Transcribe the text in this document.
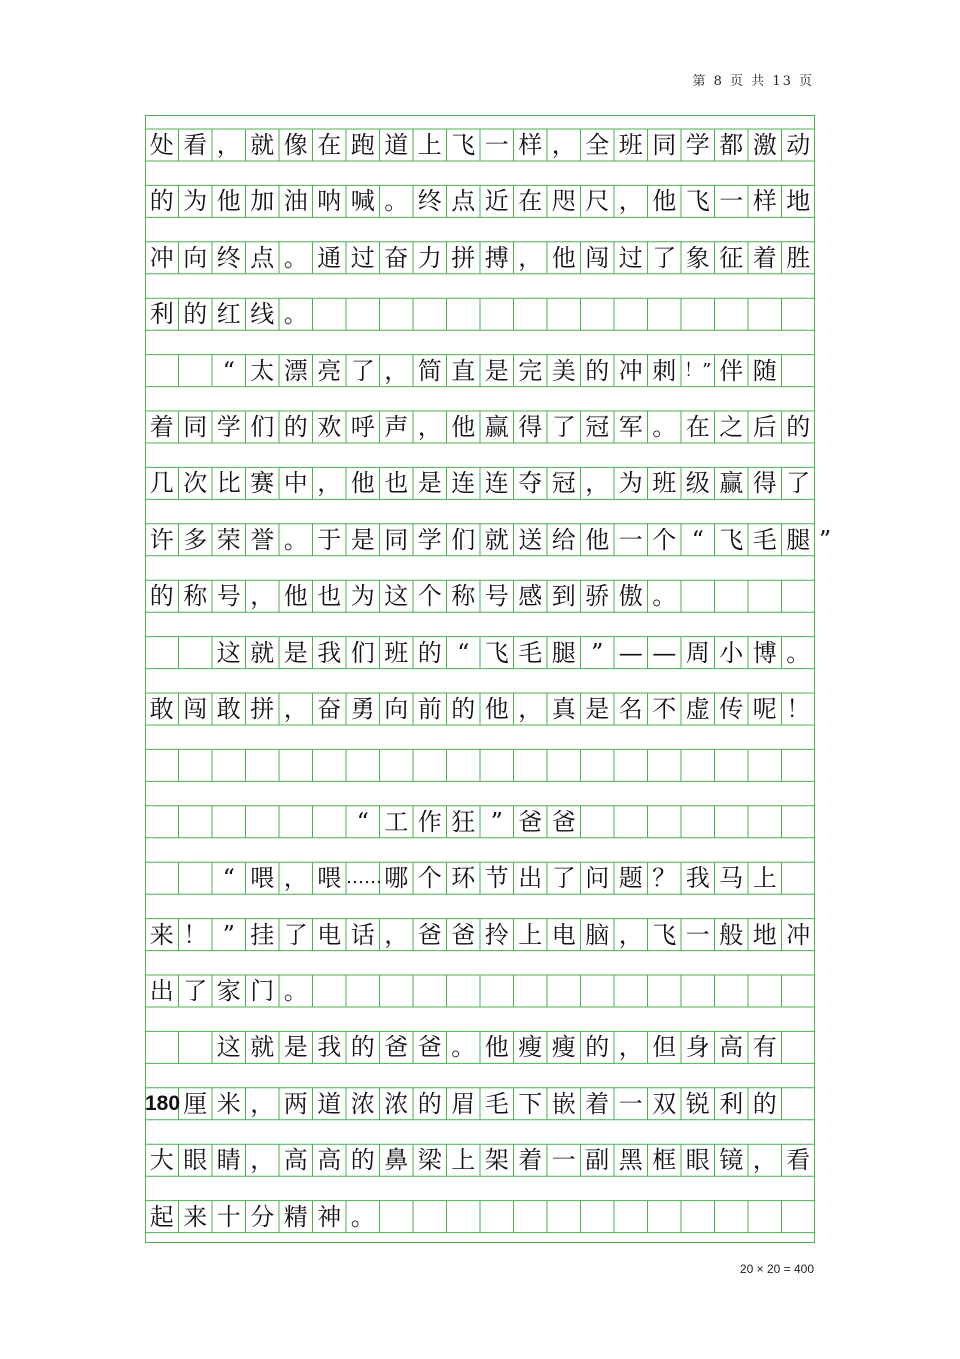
第 8 页 共 13 页
处 看 ， 就 像 在 跑 道 上 飞 一 样 ， 全 班 同 学 都 激 动
的 为 他 加 油 呐 喊 。 终 点 近 在 咫 尺 ， 他 飞 一 样 地
冲 向 终 点 。 通 过 奋 力 拼 搏 ， 他 闯 过 了 象 征 着 胜
利 的 红 线 。
“ 太 漂 亮 了 ， 简 直 是 完 美 的 冲 刺 ！” 伴 随
着 同 学 们 的 欢 呼 声 ， 他 赢 得 了 冠 军 。 在 之 后 的
几 次 比 赛 中 ， 他 也 是 连 连 夺 冠 ， 为 班 级 赢 得 了
许 多 荣 誉 。 于 是 同 学 们 就 送 给 他 一 个 “ 飞 毛 腿 ”
的 称 号 ， 他 也 为 这 个 称 号 感 到 骄 傲 。
这 就 是 我 们 班 的 “ 飞 毛 腿 ” — — 周 小 博 。
敢 闯 敢 拼 ， 奋 勇 向 前 的 他 ， 真 是 名 不 虚 传 呢 ！
“ 工 作 狂 ” 爸 爸
“ 喂 ， 喂 …… 哪 个 环 节 出 了 问 题 ？ 我 马 上
来 ！ ” 挂 了 电 话 ， 爸 爸 拎 上 电 脑 ， 飞 一 般 地 冲
出 了 家 门 。
这 就 是 我 的 爸 爸 。 他 瘦 瘦 的 ， 但 身 高 有
180 厘 米 ， 两 道 浓 浓 的 眉 毛 下 嵌 着 一 双 锐 利 的
大 眼 睛 ， 高 高 的 鼻 梁 上 架 着 一 副 黑 框 眼 镜 ， 看
起 来 十 分 精 神 。
20 × 20 = 400
